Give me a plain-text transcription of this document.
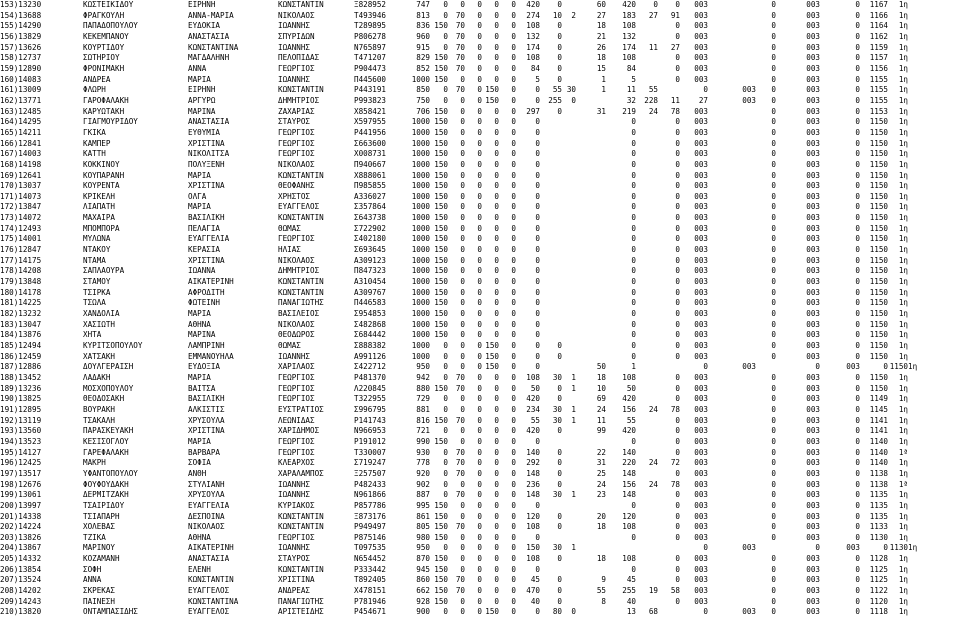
153)13230	ΚΩΣΤΕΙΚΙΔΟΥ	ΕΙΡΗΝΗ	ΚΩΝΣΤΑΝΤΙΝ	Ξ828952	747	0	0	0	0	0	420	0		60	420	0	0	003		0	003	0	1167	1η	
154)13688	ΦΡΑΓΚΟΥΛΗ	ΑΝΝΑ-ΜΑΡΙΑ	ΝΙΚΟΛΑΟΣ	Τ493946	813	0	70	0	0	0	274	10	2	27	183	27	91	003		0	003	0	1166	1η	
155)14290	ΠΑΠΑΔΟΠΟΥΛΟΥ	ΕΥΔΟΚΙΑ	ΙΩΑΝΝΗΣ	Τ289895	836	150	70	0	0	0	108	0		18	108		0	003		0	003	0	1164	1η	
156)13829	ΚΕΚΕΜΠΑΝΟΥ	ΑΝΑΣΤΑΣΙΑ	ΣΠΥΡΙΔΩΝ	Ρ806278	960	0	70	0	0	0	132	0		21	132		0	003		0	003	0	1162	1η	
157)13626	ΚΟΥΡΤΙΔΟΥ	ΚΩΝΣΤΑΝΤΙΝΑ	ΙΩΑΝΝΗΣ	Ν765897	915	0	70	0	0	0	174	0		26	174	11	27	003		0	003	0	1159	1η	
158)12737	ΣΩΤΗΡΙΟΥ	ΜΑΓΔΑΛΗΝΗ	ΠΕΛΟΠΙΔΑΣ	Τ471207	829	150	70	0	0	0	108	0		18	108		0	003		0	003	0	1157	1η	
159)12890	ΦΡΟΝΙΜΑΚΗ	ΑΝΝΑ	ΓΕΩΡΓΙΟΣ	Ρ904473	852	150	70	0	0	0	84	0		15	84		0	003		0	003	0	1156	1η	
160)14083	ΑΝΔΡΕΑ	ΜΑΡΙΑ	ΙΩΑΝΝΗΣ	Π445600	1000	150	0	0	0	0	5	0		1	5		0	003		0	003	0	1155	1η	
161)13009	ΦΛΩΡΗ	ΕΙΡΗΝΗ	ΚΩΝΣΤΑΝΤΙΝ	Ρ443191	850	0	70	0	150	0	0	55	30	1	11	55		0	003	0	003	0	1155	1η	
162)13771	ΓΑΡΟΦΑΛΑΚΗ	ΑΡΓΥΡΩ	ΔΗΜΗΤΡΙΟΣ	Ρ993823	750	0	0	0	150	0	0	255	0		32	228	11	27	003	0	003	0	1155	1η	
163)12485	ΚΑΡΥΩΤΑΚΗ	ΜΑΡΙΝΑ	ΖΑΧΑΡΙΑΣ	Χ858421	706	150	0	0	0	0	297	0		31	219	24	78	003		0	003	0	1153	1η	
164)14295	ΓΙΑΓΜΟΥΡΙΔΟΥ	ΑΝΑΣΤΑΣΙΑ	ΣΤΑΥΡΟΣ	Χ597955	1000	150	0	0	0	0	0				0		0	003		0	003	0	1150	1η	
165)14211	ΓΚΙΚΑ	ΕΥΘΥΜΙΑ	ΓΕΩΡΓΙΟΣ	Ρ441956	1000	150	0	0	0	0	0				0		0	003		0	003	0	1150	1η	
166)12841	ΚΑΜΠΕΡ	ΧΡΙΣΤΙΝΑ	ΓΕΩΡΓΙΟΣ	Σ663600	1000	150	0	0	0	0	0				0		0	003		0	003	0	1150	1η	
167)14003	ΚΑΤΤΗ	ΝΙΚΟΛΙΤΣΑ	ΓΕΩΡΓΙΟΣ	Χ008731	1000	150	0	0	0	0	0				0		0	003		0	003	0	1150	1η	
168)14198	ΚΟΚΚΙΝΟΥ	ΠΟΛΥΞΕΝΗ	ΝΙΚΟΛΑΟΣ	Π940667	1000	150	0	0	0	0	0				0		0	003		0	003	0	1150	1η	
169)12641	ΚΟΥΠΑΡΑΝΗ	ΜΑΡΙΑ	ΚΩΝΣΤΑΝΤΙΝ	Χ888061	1000	150	0	0	0	0	0				0		0	003		0	003	0	1150	1η	
170)13037	ΚΟΥΡΕΝΤΑ	ΧΡΙΣΤΙΝΑ	ΘΕΟΦΑΝΗΣ	Π985855	1000	150	0	0	0	0	0				0		0	003		0	003	0	1150	1η	
171)14073	ΚΡΙΚΕΛΗ	ΟΛΓΑ	ΧΡΗΣΤΟΣ	Α336027	1000	150	0	0	0	0	0				0		0	003		0	003	0	1150	1η	
172)13847	ΛΙΑΠΑΤΗ	ΜΑΡΙΑ	ΕΥΑΓΓΕΛΟΣ	Σ357864	1000	150	0	0	0	0	0				0		0	003		0	003	0	1150	1η	
173)14072	ΜΑΧΑΙΡΑ	ΒΑΣΙΛΙΚΗ	ΚΩΝΣΤΑΝΤΙΝ	Σ643738	1000	150	0	0	0	0	0				0		0	003		0	003	0	1150	1η	
174)12493	ΜΠΟΜΠΟΡΑ	ΠΕΛΑΓΙΑ	ΘΩΜΑΣ	Σ722902	1000	150	0	0	0	0	0				0		0	003		0	003	0	1150	1η	
175)14001	ΜΥΛΩΝΑ	ΕΥΑΓΓΕΛΙΑ	ΓΕΩΡΓΙΟΣ	Σ402180	1000	150	0	0	0	0	0				0		0	003		0	003	0	1150	1η	
176)12847	ΝΤΑΚΟΥ	ΚΕΡΑΣΙΑ	ΗΛΙΑΣ	Σ693645	1000	150	0	0	0	0	0				0		0	003		0	003	0	1150	1η	
177)14175	ΝΤΑΜΑ	ΧΡΙΣΤΙΝΑ	ΝΙΚΟΛΑΟΣ	Α309123	1000	150	0	0	0	0	0				0		0	003		0	003	0	1150	1η	
178)14208	ΣΑΠΛΑΟΥΡΑ	ΙΩΑΝΝΑ	ΔΗΜΗΤΡΙΟΣ	Π847323	1000	150	0	0	0	0	0				0		0	003		0	003	0	1150	1η	
179)13848	ΣΤΑΜΟΥ	ΑΙΚΑΤΕΡΙΝΗ	ΚΩΝΣΤΑΝΤΙΝ	Α310454	1000	150	0	0	0	0	0				0		0	003		0	003	0	1150	1η	
180)14178	ΤΣΙΡΚΑ	ΑΦΡΟΔΙΤΗ	ΚΩΝΣΤΑΝΤΙΝ	Α309767	1000	150	0	0	0	0	0				0		0	003		0	003	0	1150	1η	
181)14225	ΤΣΩΛΑ	ΦΩΤΕΙΝΗ	ΠΑΝΑΓΙΩΤΗΣ	Π446583	1000	150	0	0	0	0	0				0		0	003		0	003	0	1150	1η	
182)13232	ΧΑΝΔΟΛΙΑ	ΜΑΡΙΑ	ΒΑΣΙΛΕΙΟΣ	Σ954853	1000	150	0	0	0	0	0				0		0	003		0	003	0	1150	1η	
183)13047	ΧΑΣΙΩΤΗ	ΑΘΗΝΑ	ΝΙΚΟΛΑΟΣ	Σ482868	1000	150	0	0	0	0	0				0		0	003		0	003	0	1150	1η	
184)13876	ΧΗΤΑ	ΜΑΡΙΝΑ	ΘΕΟΔΩΡΟΣ	Σ684442	1000	150	0	0	0	0	0				0		0	003		0	003	0	1150	1η	
185)12494	ΚΥΡΙΤΣΟΠΟΥΛΟΥ	ΛΑΜΠΡΙΝΗ	ΘΩΜΑΣ	Σ888382	1000	0	0	0	150	0	0	0			0		0	003		0	003	0	1150	1η	
186)12459	ΧΑΤΣΑΚΗ	ΕΜΜΑΝΟΥΗΛΑ	ΙΩΑΝΝΗΣ	Α991126	1000	0	0	0	150	0	0	0			0		0	003		0	003	0	1150	1η	
187)12886	ΔΟΥΛΓΕΡΑΙΣΗ	ΕΥΔΟΞΙΑ	ΧΑΡΙΛΑΟΣ	Σ422712	950	0	0	0	150	0	0			50	1			0	003		0	003	0	1150	1η
188)13452	ΛΑΔΑΚΗ	ΜΑΡΙΑ	ΓΕΩΡΓΙΟΣ	Ρ481370	942	0	70	0	0	0	108	30	1	18	108		0	003		0	003	0	1150	1η	
189)13236	ΜΟΣΧΟΠΟΥΛΟΥ	ΒΑΙΤΣΑ	ΓΕΩΡΓΙΟΣ	Λ220845	880	150	70	0	0	0	50	0	1	10	50		0	003		0	003	0	1150	1η	
190)13825	ΘΕΟΔΟΣΑΚΗ	ΒΑΣΙΛΙΚΗ	ΓΕΩΡΓΙΟΣ	Τ322955	729	0	0	0	0	0	420	0		69	420		0	003		0	003	0	1149	1η	
191)12895	ΒΟΥΡΑΚΗ	ΑΛΚΙΣΤΙΣ	ΕΥΣΤΡΑΤΙΟΣ	Σ996795	881	0	0	0	0	0	234	30	1	24	156	24	78	003		0	003	0	1145	1η	
192)13119	ΤΣΑΚΑΛΗ	ΧΡΥΣΟΥΛΑ	ΛΕΩΝΙΔΑΣ	Ρ141743	816	150	70	0	0	0	55	30	1	11	55		0	003		0	003	0	1141	1η	
193)13560	ΠΑΡΑΣΚΕΥΑΚΗ	ΧΡΙΣΤΙΝΑ	ΧΑΡΙΔΗΜΟΣ	Ν966953	721	0	0	0	0	0	420	0		99	420		0	003		0	003	0	1141	1η	
194)13523	ΚΕΣΙΣΟΓΛΟΥ	ΜΑΡΙΑ	ΓΕΩΡΓΙΟΣ	Ρ191012	990	150	0	0	0	0	0				0		0	003		0	003	0	1140	1η	
195)14127	ΓΑΡΕΦΑΛΑΚΗ	ΒΑΡΒΑΡΑ	ΓΕΩΡΓΙΟΣ	Τ330007	930	0	70	0	0	0	140	0		22	140		0	003		0	003	0	1140	1ª	
196)12425	ΜΑΚΡΗ	ΣΟΦΙΑ	ΚΛΕΑΡΧΟΣ	Σ719247	778	0	70	0	0	0	292	0		31	220	24	72	003		0	003	0	1140	1η	
197)13517	ΥΦΑΝΤΟΠΟΥΛΟΥ	ΑΝΘΗ	ΧΑΡΑΛΑΜΠΟΣ	Ξ257507	920	0	70	0	0	0	148	0		25	148		0	003		0	003	0	1138	1η	
198)12676	ΦΟΥΦΟΥΔΑΚΗ	ΣΤΥΛΙΑΝΗ	ΙΩΑΝΝΗΣ	Ρ482433	902	0	0	0	0	0	236	0		24	156	24	78	003		0	003	0	1138	1ª	
199)13061	ΔΕΡΜΙΤΖΑΚΗ	ΧΡΥΣΟΥΛΑ	ΙΩΑΝΝΗΣ	Ν961866	887	0	70	0	0	0	148	30	1	23	148		0	003		0	003	0	1135	1η	
200)13997	ΤΣΑΙΡΙΔΟΥ	ΕΥΑΓΓΕΛΙΑ	ΚΥΡΙΑΚΟΣ	Ρ857786	995	150	0	0	0	0	0				0		0	003		0	003	0	1135	1η	
201)14338	ΤΣΙΑΠΑΡΗ	ΔΕΣΠΟΙΝΑ	ΚΩΝΣΤΑΝΤΙΝ	Ξ873176	861	150	0	0	0	0	120	0		20	120		0	003		0	003	0	1135	1η	
202)14224	ΧΟΛΕΒΑΣ	ΝΙΚΟΛΑΟΣ	ΚΩΝΣΤΑΝΤΙΝ	Ρ949497	805	150	70	0	0	0	108	0		18	108		0	003		0	003	0	1133	1η	
203)13826	ΤΖΙΚΑ	ΑΘΗΝΑ	ΓΕΩΡΓΙΟΣ	Ρ875146	980	150	0	0	0	0	0				0		0	003		0	003	0	1130	1η	
204)13867	ΜΑΡΙΝΟΥ	ΑΙΚΑΤΕΡΙΝΗ	ΙΩΑΝΝΗΣ	Τ097535	950	0	0	0	0	0	150	30	1					0	003		0	003	0	1130	1η
205)14332	ΚΟΖΑΜΑΝΗ	ΑΝΑΣΤΑΣΙΑ	ΣΤΑΥΡΟΣ	Ν654452	870	150	0	0	0	0	108	0		18	108		0	003		0	003	0	1128	1η	
206)13854	ΣΟΦΗ	ΕΛΕΝΗ	ΚΩΝΣΤΑΝΤΙΝ	Ρ333442	945	150	0	0	0	0	0				0		0	003		0	003	0	1125	1η	
207)13524	ΑΝΝΑ	ΚΩΝΣΤΑΝΤΙΝ	ΧΡΙΣΤΙΝΑ	Τ892405	860	150	70	0	0	0	45	0		9	45		0	003		0	003	0	1125	1η	
208)14202	ΣΚΡΕΚΑΣ	ΕΥΑΓΓΕΛΟΣ	ΑΝΔΡΕΑΣ	Χ478151	662	150	70	0	0	0	470	0		55	255	19	58	003		0	003	0	1122	1η	
209)14243	ΠΑΙΝΕΣΗ	ΚΩΝΣΤΑΝΤΙΝΑ	ΠΑΝΑΓΙΩΤΗΣ	Ρ781946	928	150	0	0	0	0	40	0		8	40		0	003		0	003	0	1120	1η	
210)13820	ΟΝΤΑΜΠΑΣΙΔΗΣ	ΕΥΑΓΓΕΛΟΣ	ΑΡΙΣΤΕΙΔΗΣ	Ρ454671	900	0	0	0	150	0	0	80	0		13	68		0	003	0	003	0	1118	1η	
